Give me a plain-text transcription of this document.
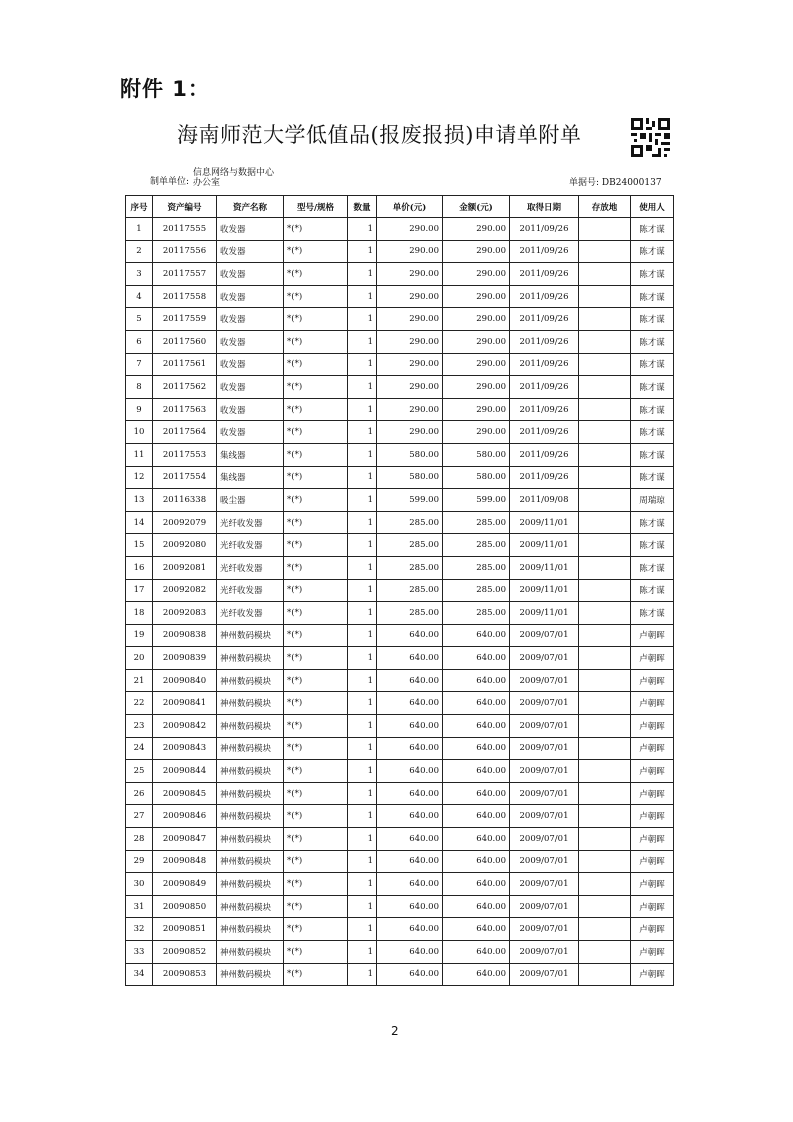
附件 1：
海南师范大学低值品(报废报损)申请单附单
制单单位:
信息网络与数据中心
办公室	单据号: DB24000137
序号	资产编号	资产名称	型号/规格	数量	单价(元)	金额(元)	取得日期	存放地	使用人
1	20117555	收发器	*(*)	1	290.00	290.00	2011/09/26		陈才谋
2	20117556	收发器	*(*)	1	290.00	290.00	2011/09/26		陈才谋
3	20117557	收发器	*(*)	1	290.00	290.00	2011/09/26		陈才谋
4	20117558	收发器	*(*)	1	290.00	290.00	2011/09/26		陈才谋
5	20117559	收发器	*(*)	1	290.00	290.00	2011/09/26		陈才谋
6	20117560	收发器	*(*)	1	290.00	290.00	2011/09/26		陈才谋
7	20117561	收发器	*(*)	1	290.00	290.00	2011/09/26		陈才谋
8	20117562	收发器	*(*)	1	290.00	290.00	2011/09/26		陈才谋
9	20117563	收发器	*(*)	1	290.00	290.00	2011/09/26		陈才谋
10	20117564	收发器	*(*)	1	290.00	290.00	2011/09/26		陈才谋
11	20117553	集线器	*(*)	1	580.00	580.00	2011/09/26		陈才谋
12	20117554	集线器	*(*)	1	580.00	580.00	2011/09/26		陈才谋
13	20116338	吸尘器	*(*)	1	599.00	599.00	2011/09/08		周瑞琼
14	20092079	光纤收发器	*(*)	1	285.00	285.00	2009/11/01		陈才谋
15	20092080	光纤收发器	*(*)	1	285.00	285.00	2009/11/01		陈才谋
16	20092081	光纤收发器	*(*)	1	285.00	285.00	2009/11/01		陈才谋
17	20092082	光纤收发器	*(*)	1	285.00	285.00	2009/11/01		陈才谋
18	20092083	光纤收发器	*(*)	1	285.00	285.00	2009/11/01		陈才谋
19	20090838	神州数码模块	*(*)	1	640.00	640.00	2009/07/01		卢朝晖
20	20090839	神州数码模块	*(*)	1	640.00	640.00	2009/07/01		卢朝晖
21	20090840	神州数码模块	*(*)	1	640.00	640.00	2009/07/01		卢朝晖
22	20090841	神州数码模块	*(*)	1	640.00	640.00	2009/07/01		卢朝晖
23	20090842	神州数码模块	*(*)	1	640.00	640.00	2009/07/01		卢朝晖
24	20090843	神州数码模块	*(*)	1	640.00	640.00	2009/07/01		卢朝晖
25	20090844	神州数码模块	*(*)	1	640.00	640.00	2009/07/01		卢朝晖
26	20090845	神州数码模块	*(*)	1	640.00	640.00	2009/07/01		卢朝晖
27	20090846	神州数码模块	*(*)	1	640.00	640.00	2009/07/01		卢朝晖
28	20090847	神州数码模块	*(*)	1	640.00	640.00	2009/07/01		卢朝晖
29	20090848	神州数码模块	*(*)	1	640.00	640.00	2009/07/01		卢朝晖
30	20090849	神州数码模块	*(*)	1	640.00	640.00	2009/07/01		卢朝晖
31	20090850	神州数码模块	*(*)	1	640.00	640.00	2009/07/01		卢朝晖
32	20090851	神州数码模块	*(*)	1	640.00	640.00	2009/07/01		卢朝晖
33	20090852	神州数码模块	*(*)	1	640.00	640.00	2009/07/01		卢朝晖
34	20090853	神州数码模块	*(*)	1	640.00	640.00	2009/07/01		卢朝晖
2
